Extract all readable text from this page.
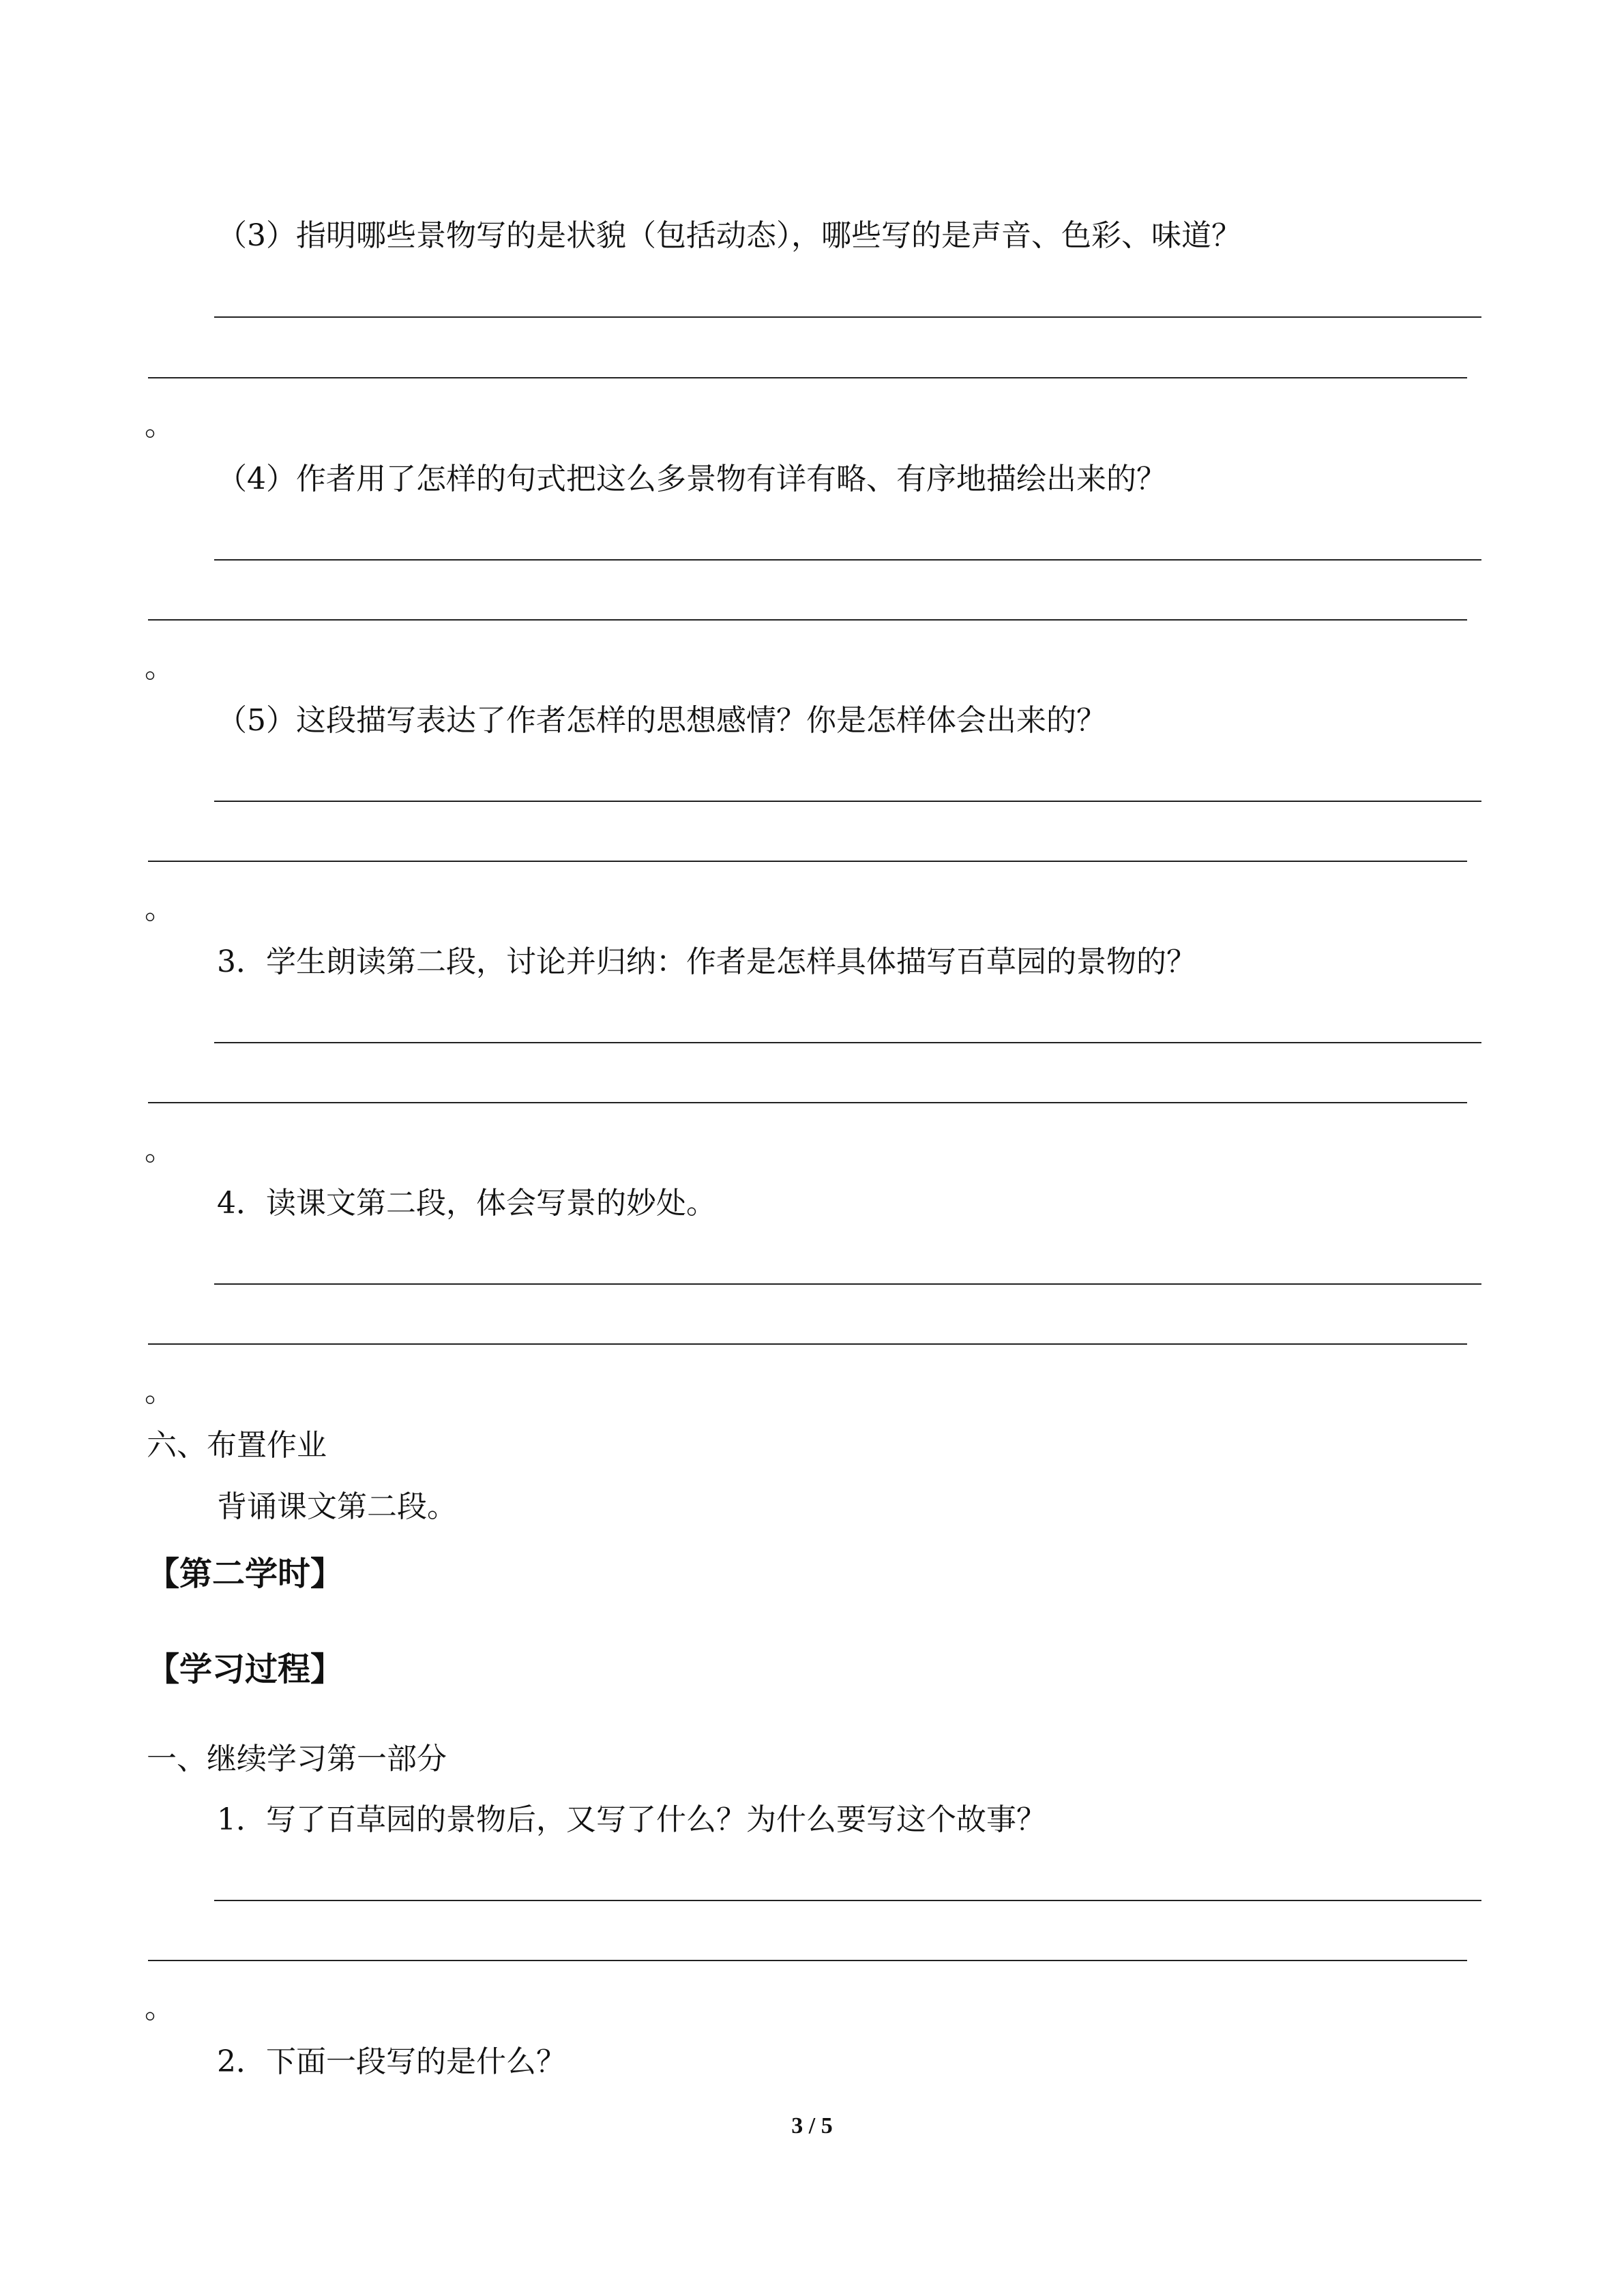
（3）指明哪些景物写的是状貌（包括动态），哪些写的是声音、色彩、味道？
。
（4）作者用了怎样的句式把这么多景物有详有略、有序地描绘出来的？
。
（5）这段描写表达了作者怎样的思想感情？你是怎样体会出来的？
。
3．学生朗读第二段，讨论并归纳：作者是怎样具体描写百草园的景物的？
。
4．读课文第二段，体会写景的妙处。
。
六、布置作业
背诵课文第二段。
【第二学时】
【学习过程】
一、继续学习第一部分
1．写了百草园的景物后，又写了什么？为什么要写这个故事？
。
2．下面一段写的是什么？
3 / 5
